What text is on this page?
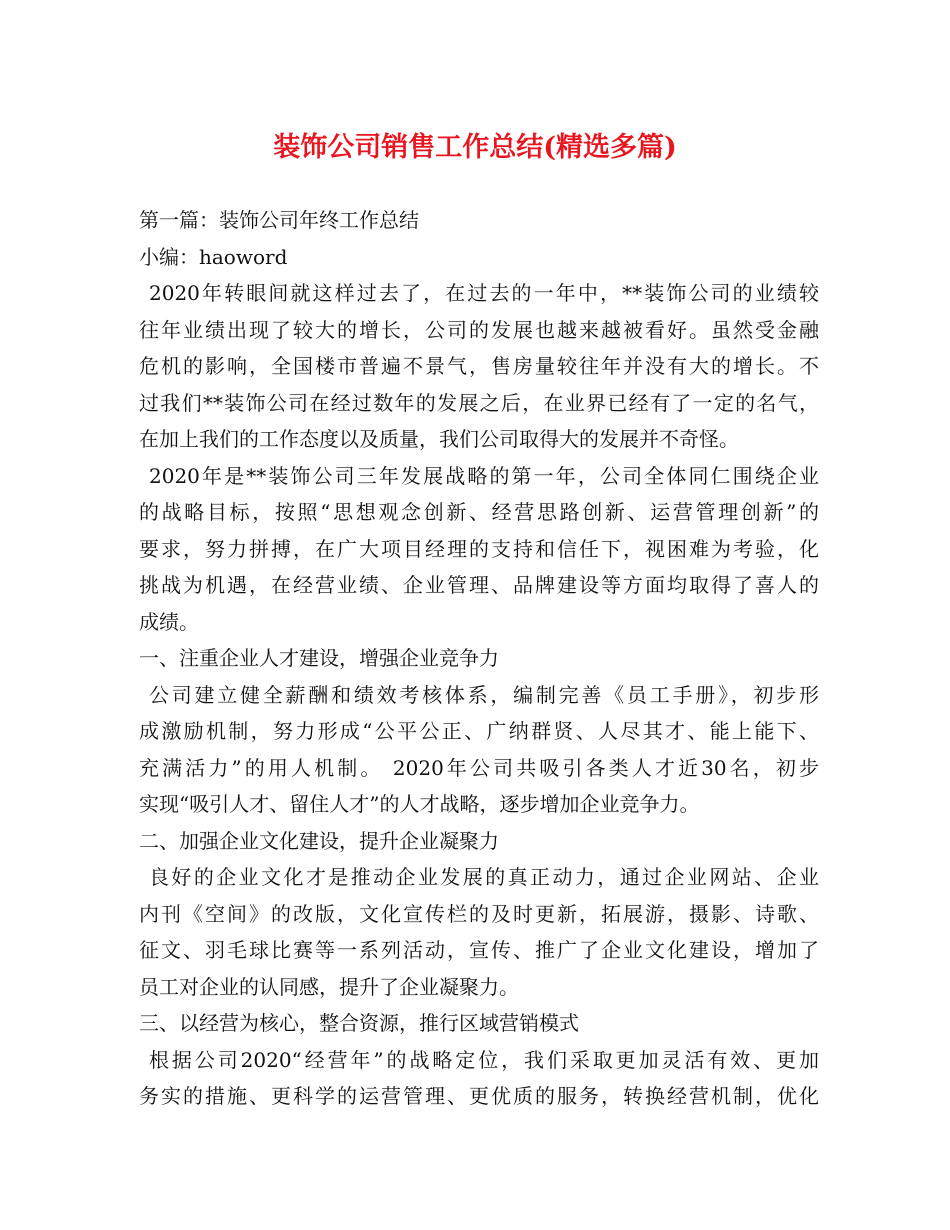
装饰公司销售工作总结(精选多篇)
第一篇：装饰公司年终工作总结
小编：haoword
2020年转眼间就这样过去了，在过去的一年中，**装饰公司的业绩较
往年业绩出现了较大的增长，公司的发展也越来越被看好。虽然受金融
危机的影响，全国楼市普遍不景气，售房量较往年并没有大的增长。不
过我们**装饰公司在经过数年的发展之后，在业界已经有了一定的名气，
在加上我们的工作态度以及质量，我们公司取得大的发展并不奇怪。
2020年是**装饰公司三年发展战略的第一年，公司全体同仁围绕企业
的战略目标，按照“思想观念创新、经营思路创新、运营管理创新”的
要求，努力拼搏，在广大项目经理的支持和信任下，视困难为考验，化
挑战为机遇，在经营业绩、企业管理、品牌建设等方面均取得了喜人的
成绩。
一、注重企业人才建设，增强企业竞争力
公司建立健全薪酬和绩效考核体系，编制完善《员工手册》，初步形
成激励机制，努力形成“公平公正、广纳群贤、人尽其才、能上能下、
充满活力”的用人机制。 2020年公司共吸引各类人才近30名，初步
实现“吸引人才、留住人才”的人才战略，逐步增加企业竞争力。
二、加强企业文化建设，提升企业凝聚力
良好的企业文化才是推动企业发展的真正动力，通过企业网站、企业
内刊《空间》的改版，文化宣传栏的及时更新，拓展游，摄影、诗歌、
征文、羽毛球比赛等一系列活动，宣传、推广了企业文化建设，增加了
员工对企业的认同感，提升了企业凝聚力。
三、以经营为核心，整合资源，推行区域营销模式
根据公司2020“经营年”的战略定位，我们采取更加灵活有效、更加
务实的措施、更科学的运营管理、更优质的服务，转换经营机制，优化
